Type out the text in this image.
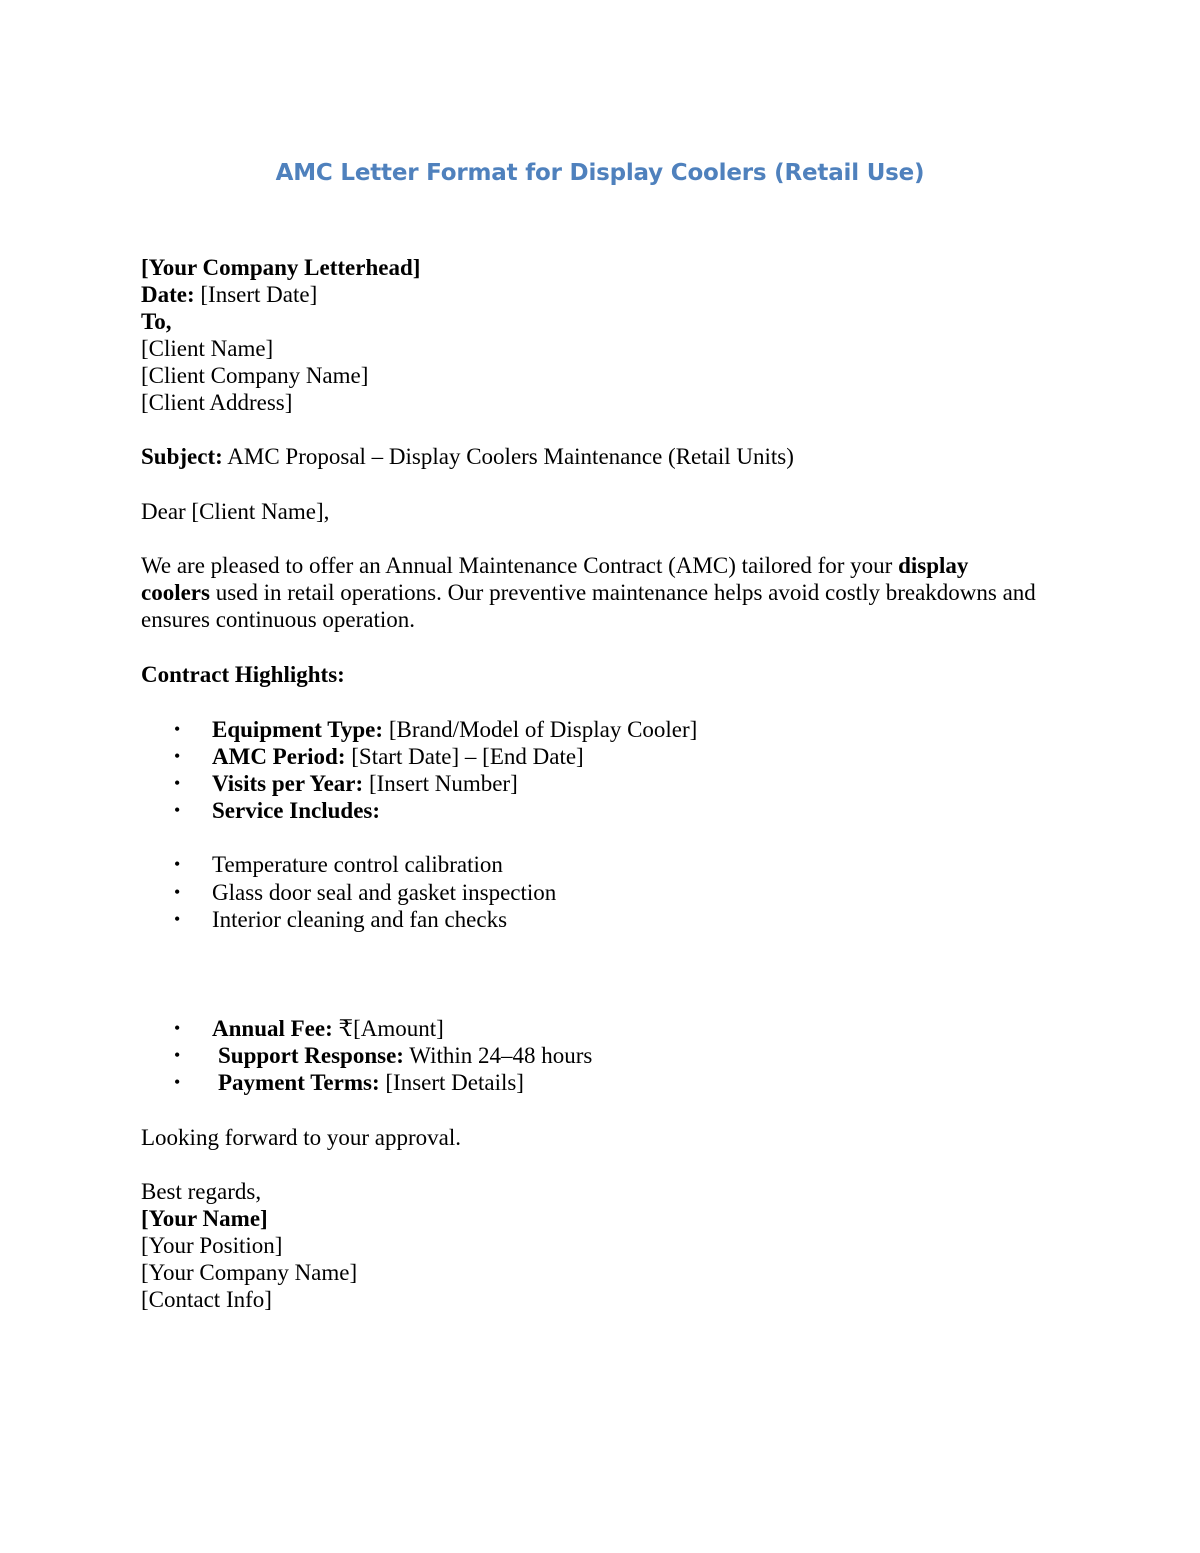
AMC Letter Format for Display Coolers (Retail Use)
[Your Company Letterhead]
Date: [Insert Date]
To,
[Client Name]
[Client Company Name]
[Client Address]
Subject: AMC Proposal – Display Coolers Maintenance (Retail Units)
Dear [Client Name],
We are pleased to offer an Annual Maintenance Contract (AMC) tailored for your display
coolers used in retail operations. Our preventive maintenance helps avoid costly breakdowns and
ensures continuous operation.
Contract Highlights:
• Equipment Type: [Brand/Model of Display Cooler]
• AMC Period: [Start Date] – [End Date]
• Visits per Year: [Insert Number]
• Service Includes:
• Temperature control calibration
• Glass door seal and gasket inspection
• Interior cleaning and fan checks
• Annual Fee: ₹[Amount]
• Support Response: Within 24–48 hours
• Payment Terms: [Insert Details]
Looking forward to your approval.
Best regards,
[Your Name]
[Your Position]
[Your Company Name]
[Contact Info]
